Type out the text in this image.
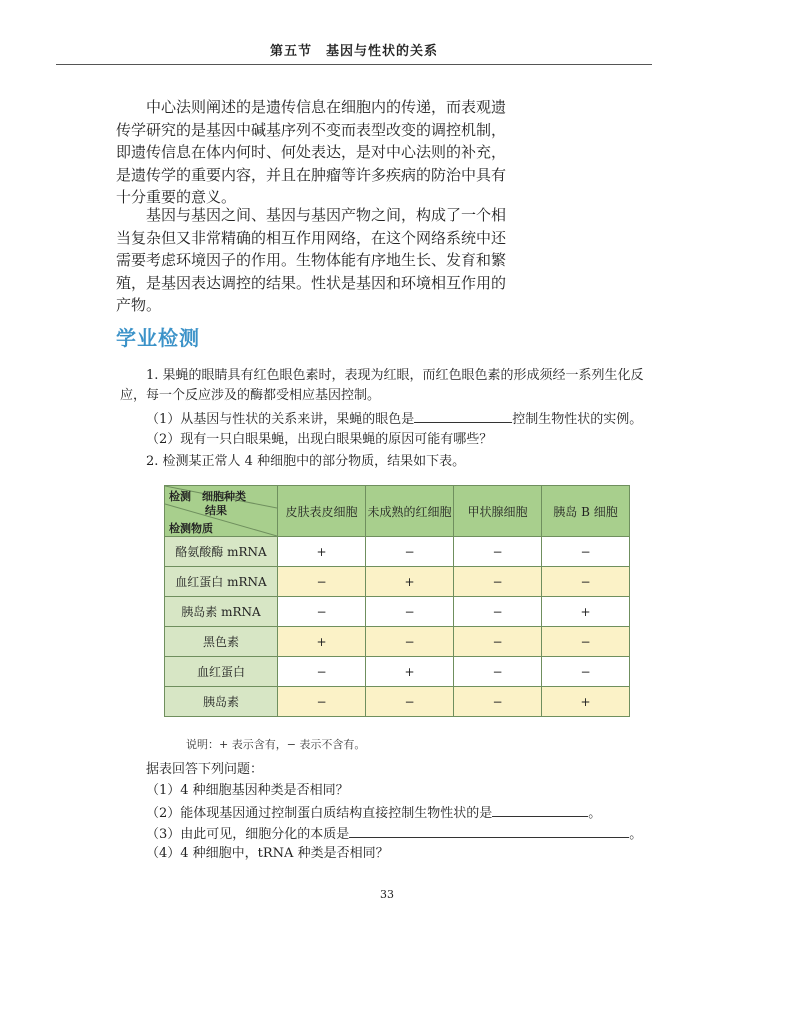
第五节　基因与性状的关系

中心法则阐述的是遗传信息在细胞内的传递，而表观遗
传学研究的是基因中碱基序列不变而表型改变的调控机制，
即遗传信息在体内何时、何处表达，是对中心法则的补充，
是遗传学的重要内容，并且在肿瘤等许多疾病的防治中具有
十分重要的意义。

基因与基因之间、基因与基因产物之间，构成了一个相
当复杂但又非常精确的相互作用网络，在这个网络系统中还
需要考虑环境因子的作用。生物体能有序地生长、发育和繁
殖，是基因表达调控的结果。性状是基因和环境相互作用的
产物。

学业检测
1. 果蝇的眼睛具有红色眼色素时，表现为红眼，而红色眼色素的形成须经一系列生化反
应，每一个反应涉及的酶都受相应基因控制。
（1）从基因与性状的关系来讲，果蝇的眼色是	控制生物性状的实例。
（2）现有一只白眼果蝇，出现白眼果蝇的原因可能有哪些？
2. 检测某正常人 4 种细胞中的部分物质，结果如下表。
检测　细胞种类
结果
检测物质	皮肤表皮细胞	未成熟的红细胞	甲状腺细胞	胰岛 B 细胞
酪氨酸酶 mRNA	+	−	−	−
血红蛋白 mRNA	−	+	−	−
胰岛素 mRNA	−	−	−	+
黑色素	+	−	−	−
血红蛋白	−	+	−	−
胰岛素	−	−	−	+
说明：+ 表示含有，− 表示不含有。
据表回答下列问题：
（1）4 种细胞基因种类是否相同？
（2）能体现基因通过控制蛋白质结构直接控制生物性状的是	。
（3）由此可见，细胞分化的本质是	。
（4）4 种细胞中，tRNA 种类是否相同？
33
